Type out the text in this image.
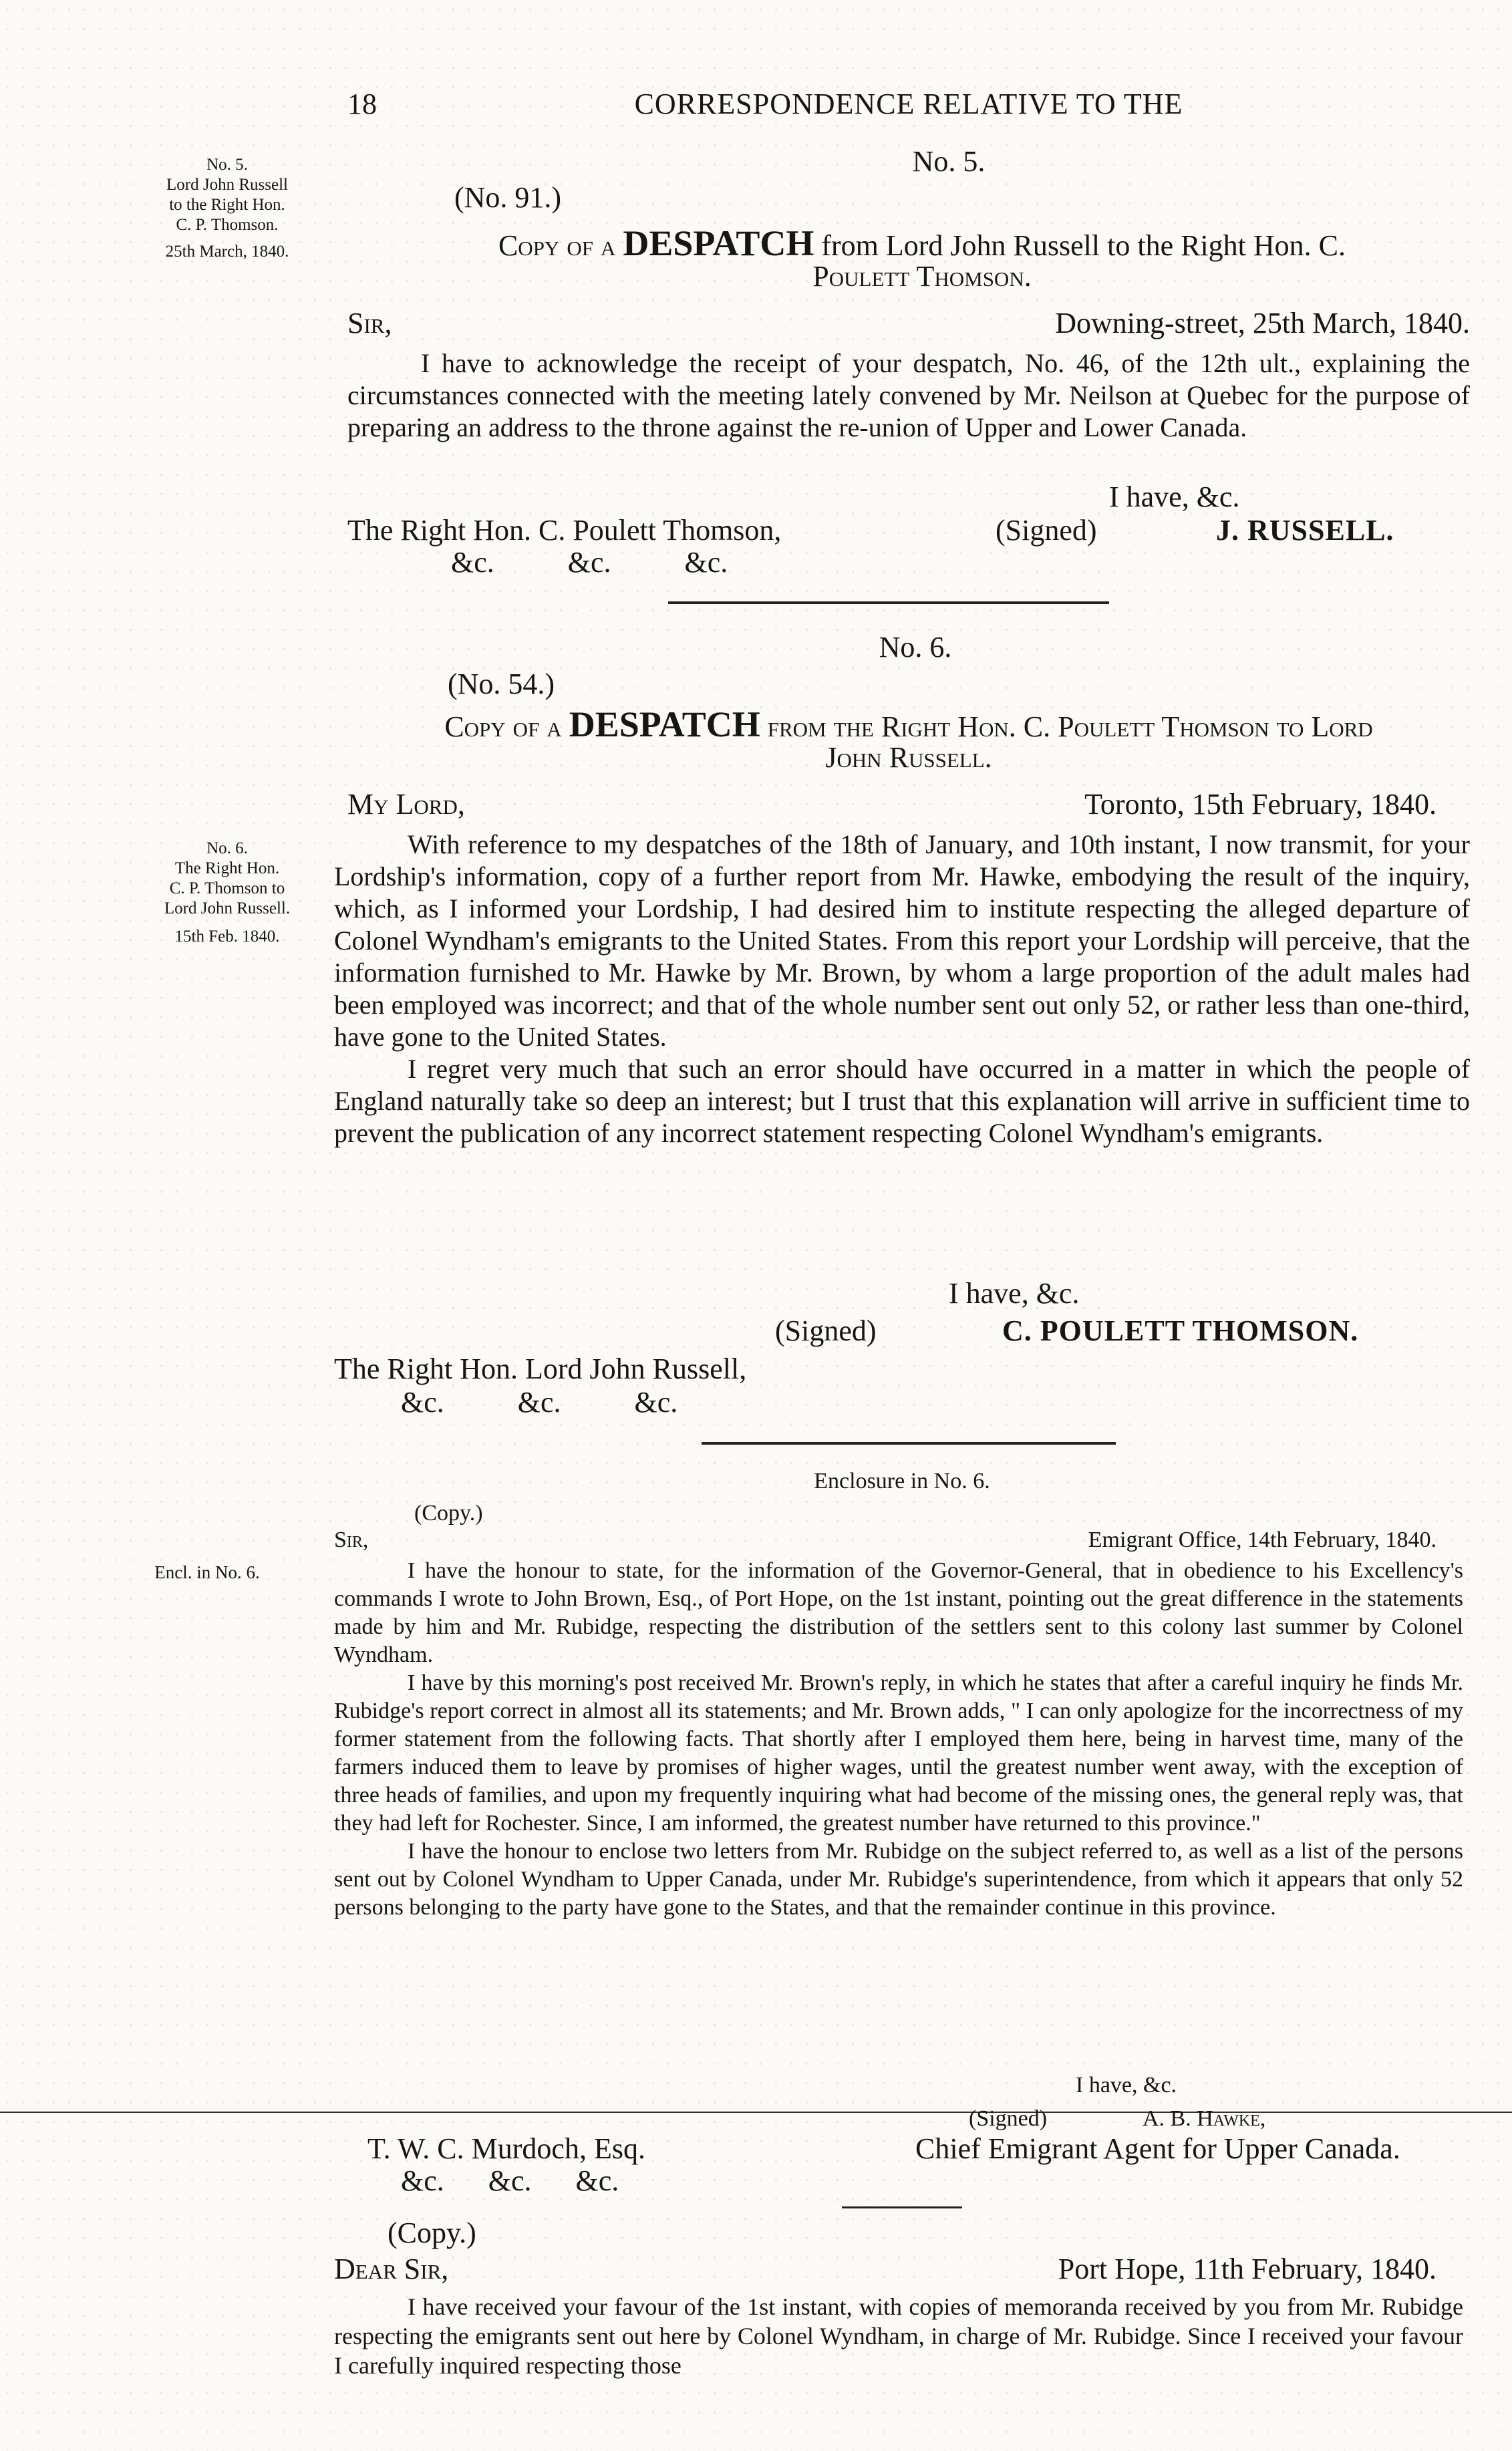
18	CORRESPONDENCE RELATIVE TO THE
No. 5.
Lord John Russell
to the Right Hon.
C. P. Thomson.
25th March, 1840.
No. 5.
(No. 91.)
Copy of a DESPATCH from Lord John Russell to the Right Hon. C.
Poulett Thomson.
Sir,	Downing-street, 25th March, 1840.
I have to acknowledge the receipt of your despatch, No. 46, of the 12th ult., explaining the circumstances connected with the meeting lately convened by Mr. Neilson at Quebec for the purpose of preparing an address to the throne against the re-union of Upper and Lower Canada.
I have, &c.
The Right Hon. C. Poulett Thomson,	(Signed)	J. RUSSELL.
&c.          &c.          &c.
No. 6.
(No. 54.)
Copy of a DESPATCH from the Right Hon. C. Poulett Thomson to Lord
John Russell.
My Lord,	Toronto, 15th February, 1840.
No. 6.
The Right Hon.
C. P. Thomson to
Lord John Russell.
15th Feb. 1840.

With reference to my despatches of the 18th of January, and 10th instant, I now transmit, for your Lordship's information, copy of a further report from Mr. Hawke, embodying the result of the inquiry, which, as I informed your Lordship, I had desired him to institute respecting the alleged departure of Colonel Wyndham's emigrants to the United States. From this report your Lordship will perceive, that the information furnished to Mr. Hawke by Mr. Brown, by whom a large proportion of the adult males had been employed was incorrect; and that of the whole number sent out only 52, or rather less than one-third, have gone to the United States.

I regret very much that such an error should have occurred in a matter in which the people of England naturally take so deep an interest; but I trust that this explanation will arrive in sufficient time to prevent the publication of any incorrect statement respecting Colonel Wyndham's emigrants.

I have, &c.
(Signed)	C. POULETT THOMSON.
The Right Hon. Lord John Russell,
&c.          &c.          &c.
Enclosure in No. 6.
(Copy.)
Encl. in No. 6.
Sir,	Emigrant Office, 14th February, 1840.

I have the honour to state, for the information of the Governor-General, that in obedience to his Excellency's commands I wrote to John Brown, Esq., of Port Hope, on the 1st instant, pointing out the great difference in the statements made by him and Mr. Rubidge, respecting the distribution of the settlers sent to this colony last summer by Colonel Wyndham.

I have by this morning's post received Mr. Brown's reply, in which he states that after a careful inquiry he finds Mr. Rubidge's report correct in almost all its statements; and Mr. Brown adds, " I can only apologize for the incorrectness of my former statement from the following facts. That shortly after I employed them here, being in harvest time, many of the farmers induced them to leave by promises of higher wages, until the greatest number went away, with the exception of three heads of families, and upon my frequently inquiring what had become of the missing ones, the general reply was, that they had left for Rochester. Since, I am informed, the greatest number have returned to this province."

I have the honour to enclose two letters from Mr. Rubidge on the subject referred to, as well as a list of the persons sent out by Colonel Wyndham to Upper Canada, under Mr. Rubidge's superintendence, from which it appears that only 52 persons belonging to the party have gone to the States, and that the remainder continue in this province.

I have, &c.
(Signed)	A. B. Hawke,
T. W. C. Murdoch, Esq.	Chief Emigrant Agent for Upper Canada.
&c.      &c.      &c.
(Copy.)
Dear Sir,	Port Hope, 11th February, 1840.
I have received your favour of the 1st instant, with copies of memoranda received by you from Mr. Rubidge respecting the emigrants sent out here by Colonel Wyndham, in charge of Mr. Rubidge. Since I received your favour I carefully inquired respecting those
